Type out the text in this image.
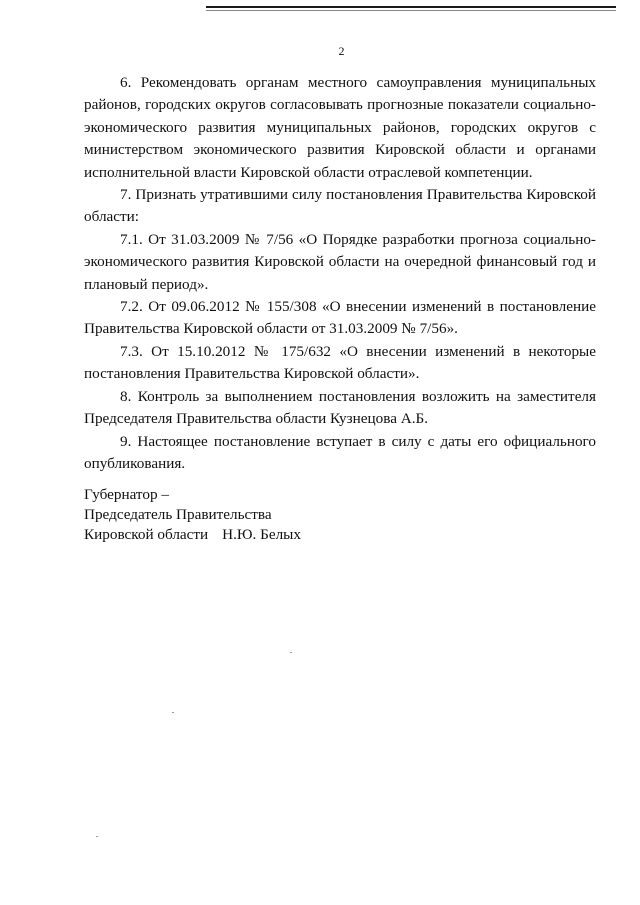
2

6. Рекомендовать органам местного самоуправления муниципальных районов, городских округов согласовывать прогнозные показатели социально-экономического развития муниципальных районов, городских округов с министерством экономического развития Кировской области и органами исполнительной власти Кировской области отраслевой компетенции.

7. Признать утратившими силу постановления Правительства Кировской области:

7.1. От 31.03.2009 № 7/56 «О Порядке разработки прогноза социально-экономического развития Кировской области на очередной финансовый год и плановый период».

7.2. От 09.06.2012 № 155/308 «О внесении изменений в постановление Правительства Кировской области от 31.03.2009 № 7/56».

7.3. От 15.10.2012 № 175/632 «О внесении изменений в некоторые постановления Правительства Кировской области».

8. Контроль за выполнением постановления возложить на заместителя Председателя Правительства области Кузнецова А.Б.

9. Настоящее постановление вступает в силу с даты его официального опубликования.

Губернатор –
Председатель Правительства
Кировской области Н.Ю. Белых
